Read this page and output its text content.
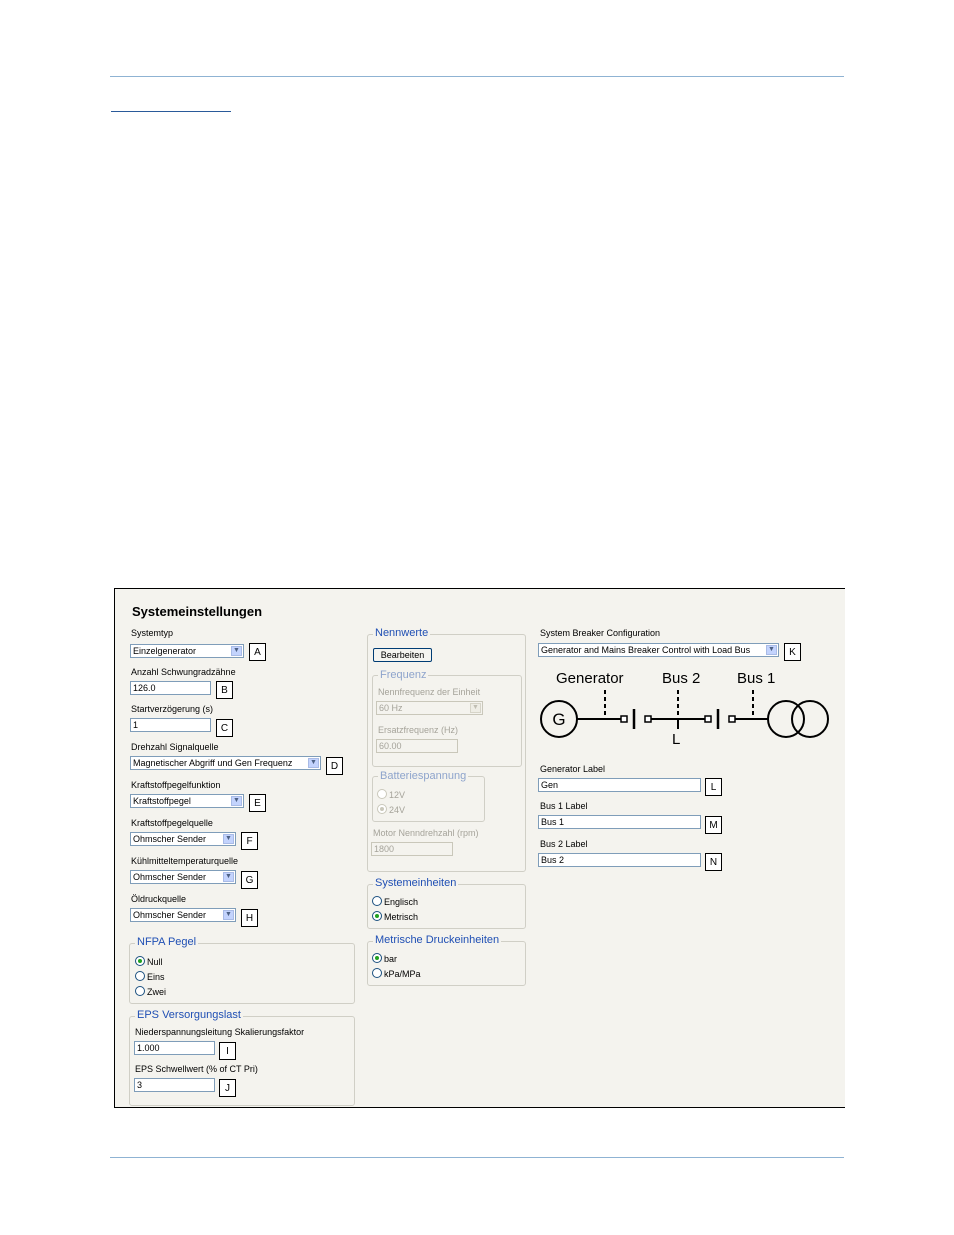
Systemeinstellungen
Systemtyp
Einzelgenerator	▼	A
Anzahl Schwungradzähne
126.0	B
Startverzögerung (s)
1	C
Drehzahl Signalquelle
Magnetischer Abgriff und Gen Frequenz	▼	D
Kraftstoffpegelfunktion
Kraftstoffpegel	▼	E
Kraftstoffpegelquelle
Ohmscher Sender	▼	F
Kühlmitteltemperaturquelle
Ohmscher Sender	▼	G
Öldruckquelle
Ohmscher Sender	▼	H
NFPA Pegel
Null
Eins
Zwei
EPS Versorgungslast
Niederspannungsleitung Skalierungsfaktor
1.000	I
EPS Schwellwert (% of CT Pri)
3	J
Nennwerte
Bearbeiten
Frequenz
Nennfrequenz der Einheit
60 Hz	▼
Ersatzfrequenz (Hz)
60.00
Batteriespannung
12V
24V
Motor Nenndrehzahl (rpm)
1800
Systemeinheiten
Englisch
Metrisch
Metrische Druckeinheiten
bar
kPa/MPa
System Breaker Configuration
Generator and Mains Breaker Control with Load Bus	▼	K
Generator	Bus 2 Bus 1
G
L
Generator Label
Gen	L
Bus 1 Label
Bus 1	M
Bus 2 Label
Bus 2	N
